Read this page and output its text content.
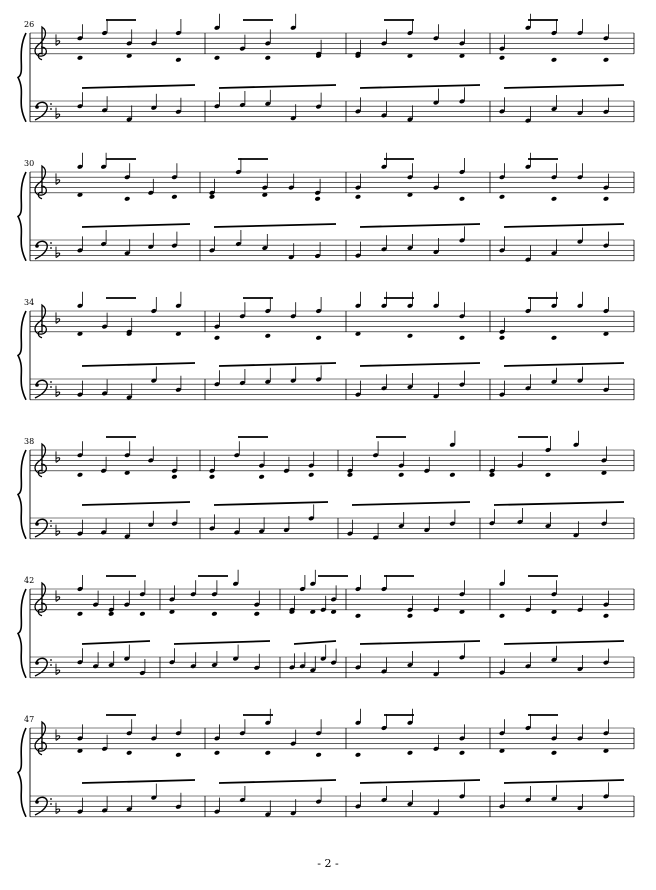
26
30
34
38
42
47
- 2 -
